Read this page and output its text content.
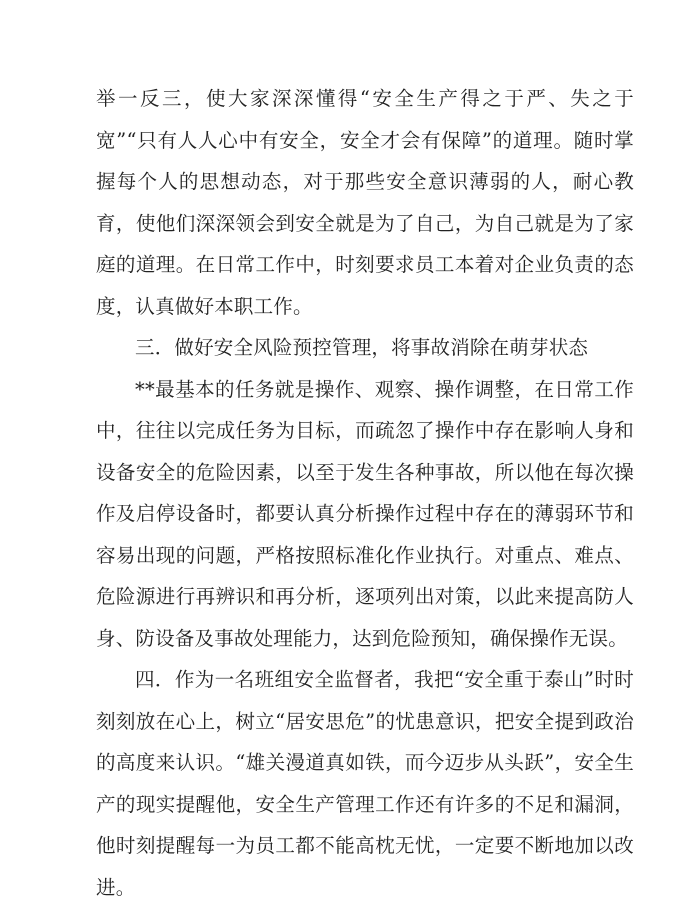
举一反三，使大家深深懂得“安全生产得之于严、失之于宽”“只有人人心中有安全，安全才会有保障”的道理。随时掌握每个人的思想动态，对于那些安全意识薄弱的人，耐心教育，使他们深深领会到安全就是为了自己，为自己就是为了家庭的道理。在日常工作中，时刻要求员工本着对企业负责的态度，认真做好本职工作。

三．做好安全风险预控管理，将事故消除在萌芽状态

**最基本的任务就是操作、观察、操作调整，在日常工作中，往往以完成任务为目标，而疏忽了操作中存在影响人身和设备安全的危险因素，以至于发生各种事故，所以他在每次操作及启停设备时，都要认真分析操作过程中存在的薄弱环节和容易出现的问题，严格按照标准化作业执行。对重点、难点、危险源进行再辨识和再分析，逐项列出对策，以此来提高防人身、防设备及事故处理能力，达到危险预知，确保操作无误。

四．作为一名班组安全监督者，我把“安全重于泰山”时时刻刻放在心上，树立“居安思危”的忧患意识，把安全提到政治的高度来认识。“雄关漫道真如铁，而今迈步从头跃”，安全生产的现实提醒他，安全生产管理工作还有许多的不足和漏洞，他时刻提醒每一为员工都不能高枕无忧，一定要不断地加以改进。
